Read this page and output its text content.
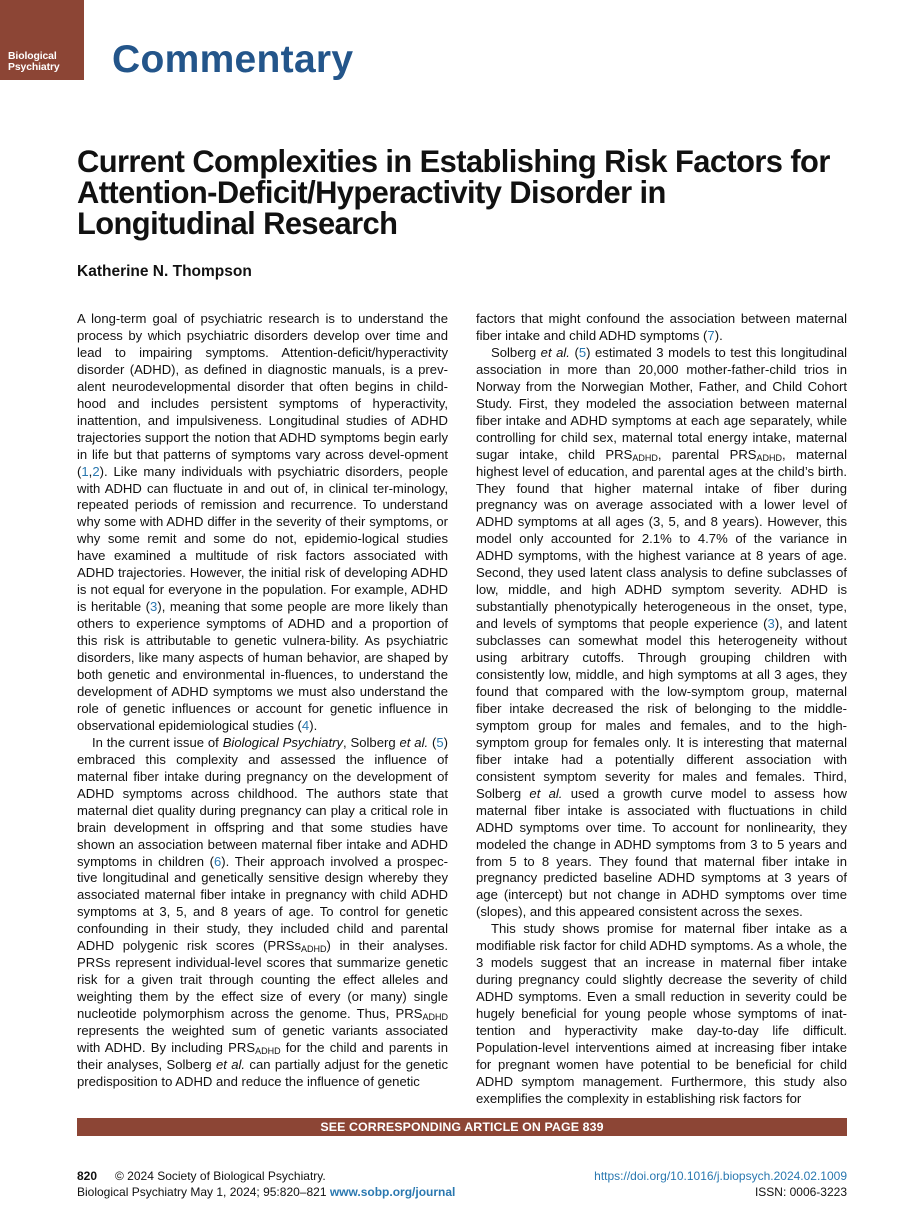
Biological
Psychiatry Commentary
Current Complexities in Establishing Risk Factors for Attention-Deficit/Hyperactivity Disorder in Longitudinal Research
Katherine N. Thompson

A long-term goal of psychiatric research is to understand the process by which psychiatric disorders develop over time and lead to impairing symptoms. Attention-deficit/hyperactivity disorder (ADHD), as defined in diagnostic manuals, is a prev-alent neurodevelopmental disorder that often begins in child-hood and includes persistent symptoms of hyperactivity, inattention, and impulsiveness. Longitudinal studies of ADHD trajectories support the notion that ADHD symptoms begin early in life but that patterns of symptoms vary across devel-opment (1,2). Like many individuals with psychiatric disorders, people with ADHD can fluctuate in and out of, in clinical ter-minology, repeated periods of remission and recurrence. To understand why some with ADHD differ in the severity of their symptoms, or why some remit and some do not, epidemio-logical studies have examined a multitude of risk factors associated with ADHD trajectories. However, the initial risk of developing ADHD is not equal for everyone in the population. For example, ADHD is heritable (3), meaning that some people are more likely than others to experience symptoms of ADHD and a proportion of this risk is attributable to genetic vulnera-bility. As psychiatric disorders, like many aspects of human behavior, are shaped by both genetic and environmental in-fluences, to understand the development of ADHD symptoms we must also understand the role of genetic influences or account for genetic influence in observational epidemiological studies (4).

In the current issue of Biological Psychiatry, Solberg et al. (5) embraced this complexity and assessed the influence of maternal fiber intake during pregnancy on the development of ADHD symptoms across childhood. The authors state that maternal diet quality during pregnancy can play a critical role in brain development in offspring and that some studies have shown an association between maternal fiber intake and ADHD symptoms in children (6). Their approach involved a prospec-tive longitudinal and genetically sensitive design whereby they associated maternal fiber intake in pregnancy with child ADHD symptoms at 3, 5, and 8 years of age. To control for genetic confounding in their study, they included child and parental ADHD polygenic risk scores (PRSs$_{ADHD}$) in their analyses. PRSs represent individual-level scores that summarize genetic risk for a given trait through counting the effect alleles and weighting them by the effect size of every (or many) single nucleotide polymorphism across the genome. Thus, $PRS_{ADHD}$ represents the weighted sum of genetic variants associated with ADHD. By including $PRS_{ADHD}$ for the child and parents in their analyses, Solberg et al. can partially adjust for the genetic predisposition to ADHD and reduce the influence of genetic

factors that might confound the association between maternal fiber intake and child ADHD symptoms (7).

Solberg et al. (5) estimated 3 models to test this longitudinal association in more than 20,000 mother-father-child trios in Norway from the Norwegian Mother, Father, and Child Cohort Study. First, they modeled the association between maternal fiber intake and ADHD symptoms at each age separately, while controlling for child sex, maternal total energy intake, maternal sugar intake, child $PRS_{ADHD}$, parental $PRS_{ADHD}$, maternal highest level of education, and parental ages at the child’s birth. They found that higher maternal intake of fiber during pregnancy was on average associated with a lower level of ADHD symptoms at all ages (3, 5, and 8 years). However, this model only accounted for 2.1% to 4.7% of the variance in ADHD symptoms, with the highest variance at 8 years of age. Second, they used latent class analysis to define subclasses of low, middle, and high ADHD symptom severity. ADHD is substantially phenotypically heterogeneous in the onset, type, and levels of symptoms that people experience (3), and latent subclasses can somewhat model this heterogeneity without using arbitrary cutoffs. Through grouping children with consistently low, middle, and high symptoms at all 3 ages, they found that compared with the low-symptom group, maternal fiber intake decreased the risk of belonging to the middle-symptom group for males and females, and to the high-symptom group for females only. It is interesting that maternal fiber intake had a potentially different association with consistent symptom severity for males and females. Third, Solberg et al. used a growth curve model to assess how maternal fiber intake is associated with fluctuations in child ADHD symptoms over time. To account for nonlinearity, they modeled the change in ADHD symptoms from 3 to 5 years and from 5 to 8 years. They found that maternal fiber intake in pregnancy predicted baseline ADHD symptoms at 3 years of age (intercept) but not change in ADHD symptoms over time (slopes), and this appeared consistent across the sexes.

This study shows promise for maternal fiber intake as a modifiable risk factor for child ADHD symptoms. As a whole, the 3 models suggest that an increase in maternal fiber intake during pregnancy could slightly decrease the severity of child ADHD symptoms. Even a small reduction in severity could be hugely beneficial for young people whose symptoms of inat-tention and hyperactivity make day-to-day life difficult. Population-level interventions aimed at increasing fiber intake for pregnant women have potential to be beneficial for child ADHD symptom management. Furthermore, this study also exemplifies the complexity in establishing risk factors for

SEE CORRESPONDING ARTICLE ON PAGE 839
820 © 2024 Society of Biological Psychiatry.
Biological Psychiatry May 1, 2024; 95:820–821 www.sobp.org/journal
https://doi.org/10.1016/j.biopsych.2024.02.1009
ISSN: 0006-3223
